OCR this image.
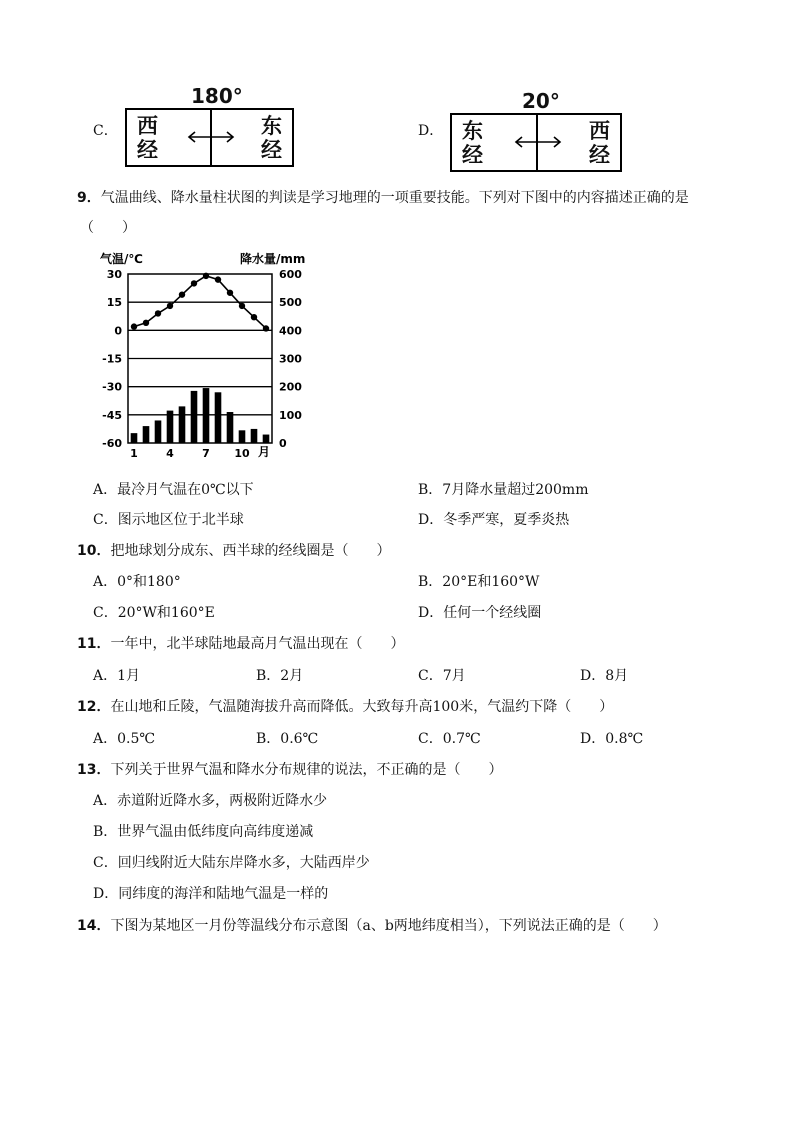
C．
180°
西
经
东
经
D．
20°
东
经
西
经
9．气温曲线、降水量柱状图的判读是学习地理的一项重要技能。下列对下图中的内容描述正确的是
（　　）
30
15
0
-15
-30
-45
-60
600
500
400
300
200
100
0
气温/℃	降水量/mm
1	4	7 10 月
A．最冷月气温在0℃以下	B．7月降水量超过200mm
C．图示地区位于北半球	D．冬季严寒，夏季炎热
10．把地球划分成东、西半球的经线圈是（　　）
A．0°和180°	B．20°E和160°W
C．20°W和160°E	D．任何一个经线圈
11．一年中，北半球陆地最高月气温出现在（　　）
A．1月	B．2月	C．7月	D．8月
12．在山地和丘陵，气温随海拔升高而降低。大致每升高100米，气温约下降（　　）
A．0.5℃	B．0.6℃	C．0.7℃	D．0.8℃
13．下列关于世界气温和降水分布规律的说法，不正确的是（　　）
A．赤道附近降水多，两极附近降水少
B．世界气温由低纬度向高纬度递减
C．回归线附近大陆东岸降水多，大陆西岸少
D．同纬度的海洋和陆地气温是一样的
14．下图为某地区一月份等温线分布示意图（a、b两地纬度相当），下列说法正确的是（　　）
